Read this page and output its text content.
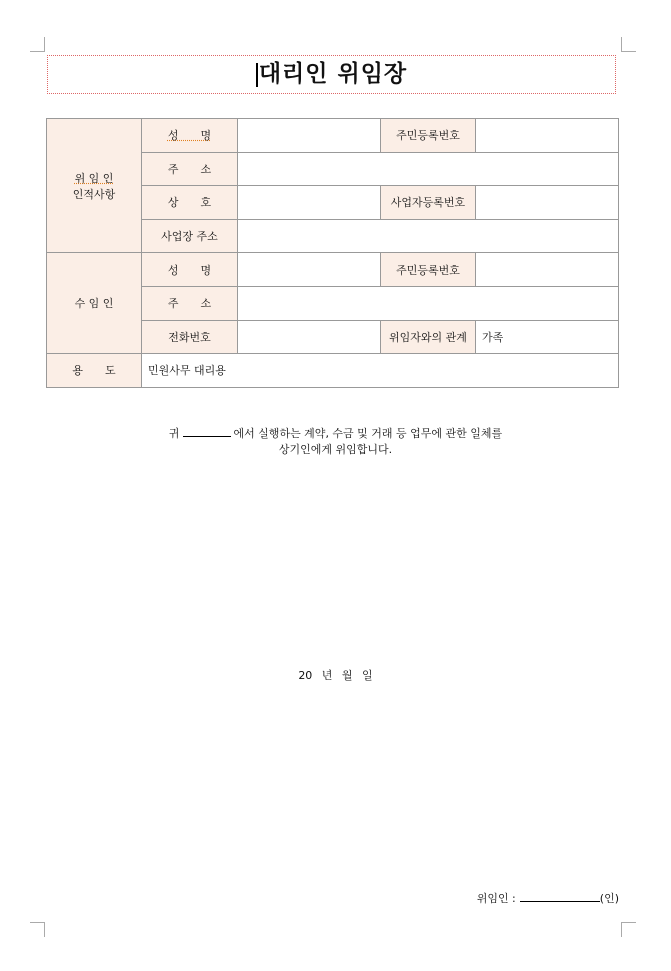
대리인 위임장
위 임 인
인적사항	성　　명		주민등록번호	
	주　　소			
	상　　호		사업자등록번호	
	사업장 주소			
수 임 인	성　　명		주민등록번호	
	주　　소			
	전화번호		위임자와의 관계	가족
용　　도	민원사무 대리용			
귀	에서 실행하는 계약, 수금 및 거래 등 업무에 관한 일체를
상기인에게 위임합니다.
20 년 월 일
위임인 :	(인)
